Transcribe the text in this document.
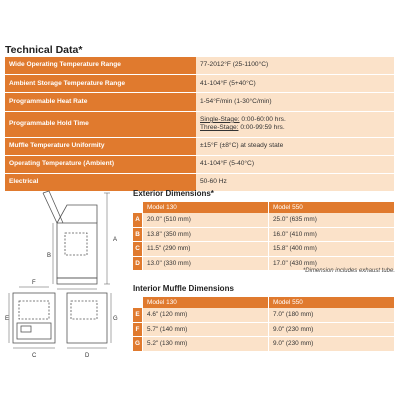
Technical Data*
Wide Operating Temperature Range	77-2012°F (25-1100°C)
Ambient Storage Temperature Range	41-104°F (5+40°C)
Programmable Heat Rate	1-54°F/min (1-30°C/min)
Programmable Hold Time	Single-Stage: 0:00-60:00 hrs.
Three-Stage: 0:00-99:59 hrs.
Muffle Temperature Uniformity	±15°F (±8°C) at steady state
Operating Temperature (Ambient)	41-104°F (5-40°C)
Electrical	50-60 Hz
A
B
C	D
E
F
G
Exterior Dimensions*
	Model 130	Model 550
A	20.0" (510 mm)	25.0" (635 mm)
B	13.8" (350 mm)	16.0" (410 mm)
C	11.5" (290 mm)	15.8" (400 mm)
D	13.0" (330 mm)	17.0" (430 mm)
*Dimension includes exhaust tube.
Interior Muffle Dimensions
	Model 130	Model 550
E	4.6" (120 mm)	7.0" (180 mm)
F	5.7" (140 mm)	9.0" (230 mm)
G	5.2" (130 mm)	9.0" (230 mm)
